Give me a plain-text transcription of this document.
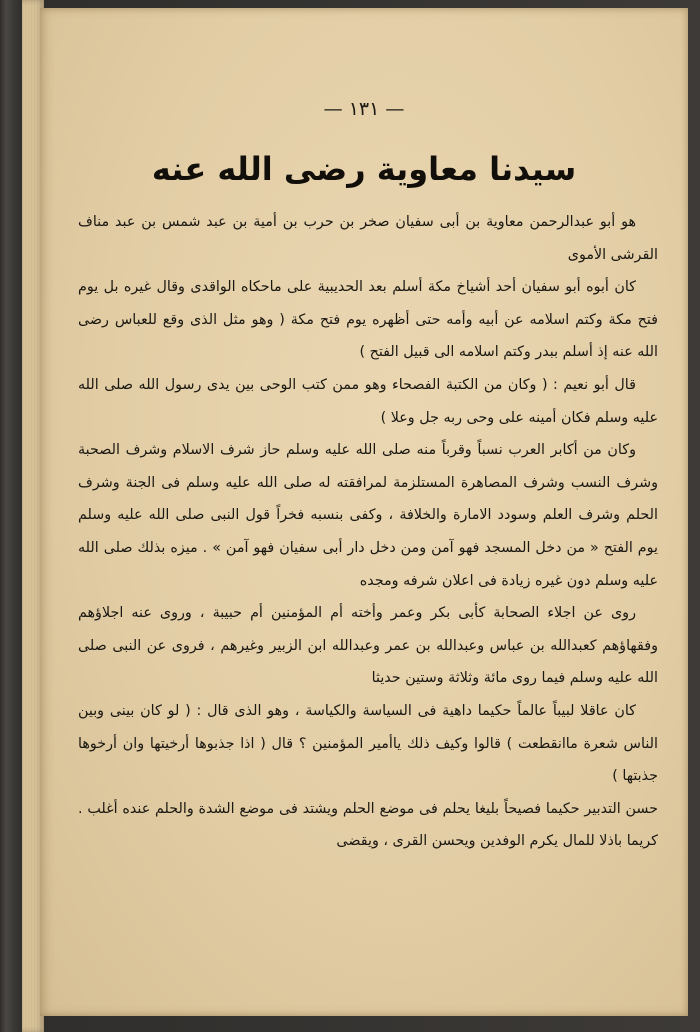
— ١٣١ —
سيدنا معاوية رضى الله عنه

هو أبو عبدالرحمن معاوية بن أبى سفيان صخر بن حرب بن أمية بن عبد شمس بن عبد مناف القرشى الأموى

كان أبوه أبو سفيان أحد أشياخ مكة أسلم بعد الحديبية على ماحكاه الواقدى وقال غيره بل يوم فتح مكة وكتم اسلامه عن أبيه وأمه حتى أظهره يوم فتح مكة ( وهو مثل الذى وقع للعباس رضى الله عنه إذ أسلم ببدر وكتم اسلامه الى قبيل الفتح )

قال أبو نعيم : ( وكان من الكتبة الفصحاء وهو ممن كتب الوحى بين يدى رسول الله صلى الله عليه وسلم فكان أمينه على وحى ربه جل وعلا )

وكان من أكابر العرب نسباً وقرباً منه صلى الله عليه وسلم حاز شرف الاسلام وشرف الصحبة وشرف النسب وشرف المصاهرة المستلزمة لمرافقته له صلى الله عليه وسلم فى الجنة وشرف الحلم وشرف العلم وسودد الامارة والخلافة ، وكفى بنسبه فخراً قول النبى صلى الله عليه وسلم يوم الفتح « من دخل المسجد فهو آمن ومن دخل دار أبى سفيان فهو آمن » . ميزه بذلك صلى الله عليه وسلم دون غيره زيادة فى اعلان شرفه ومجده

روى عن اجلاء الصحابة كأبى بكر وعمر وأخته أم المؤمنين أم حبيبة ، وروى عنه اجلاؤهم وفقهاؤهم كعبدالله بن عباس وعبدالله بن عمر وعبدالله ابن الزبير وغيرهم ، فروى عن النبى صلى الله عليه وسلم فيما روى مائة وثلاثة وستين حديثا

كان عاقلا لبيباً عالماً حكيما داهية فى السياسة والكياسة ، وهو الذى قال : ( لو كان بينى وبين الناس شعرة ماانقطعت ) قالوا وكيف ذلك ياأمير المؤمنين ؟ قال ( اذا جذبوها أرخيتها وان أرخوها جذبتها )

حسن التدبير حكيما فصيحاً بليغا يحلم فى موضع الحلم ويشتد فى موضع الشدة والحلم عنده أغلب . كريما باذلا للمال يكرم الوفدين ويحسن القرى ، ويقضى
